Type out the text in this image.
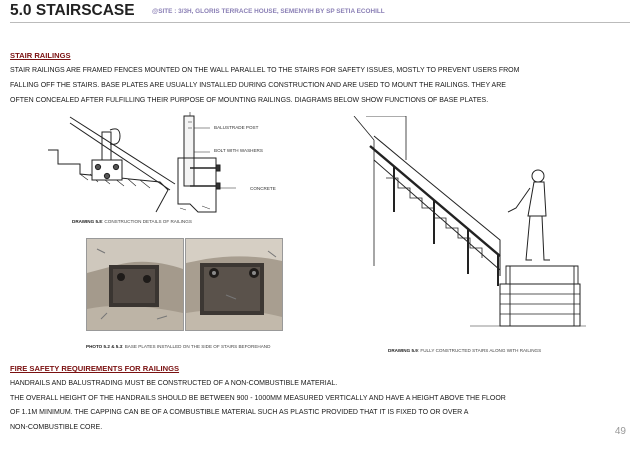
5.0 STAIRSCASE	@SITE : 3/3H, GLORIS TERRACE HOUSE, SEMENYIH BY SP SETIA ECOHILL
STAIR RAILINGS
STAIR RAILINGS ARE FRAMED FENCES MOUNTED ON THE WALL PARALLEL TO THE STAIRS FOR SAFETY ISSUES, MOSTLY TO PREVENT USERS FROM
FALLING OFF THE STAIRS. BASE PLATES ARE USUALLY INSTALLED DURING CONSTRUCTION AND ARE USED TO MOUNT THE RAILINGS. THEY ARE
OFTEN CONCEALED AFTER FULFILLING THEIR PURPOSE OF MOUNTING RAILINGS. DIAGRAMS BELOW SHOW FUNCTIONS OF BASE PLATES.
BALUSTRADE POST
BOLT WITH WASHERS
CONCRETE
DRAWING 5.8: CONSTRUCTION DETAILS OF RAILINGS
PHOTO 5.2 & 5.3: BASE PLATES INSTALLED ON THE SIDE OF STAIRS BEFOREHAND
DRAWING 5.9: FULLY CONSTRUCTED STAIRS ALONG WITH RAILINGS
FIRE SAFETY REQUIREMENTS FOR RAILINGS
HANDRAILS AND BALUSTRADING MUST BE CONSTRUCTED OF A NON-COMBUSTIBLE MATERIAL.
THE OVERALL HEIGHT OF THE HANDRAILS SHOULD BE BETWEEN 900 - 1000MM MEASURED VERTICALLY AND HAVE A HEIGHT ABOVE THE FLOOR
OF 1.1M MINIMUM. THE CAPPING CAN BE OF A COMBUSTIBLE MATERIAL SUCH AS PLASTIC PROVIDED THAT IT IS FIXED TO OR OVER A
NON-COMBUSTIBLE CORE.	49
